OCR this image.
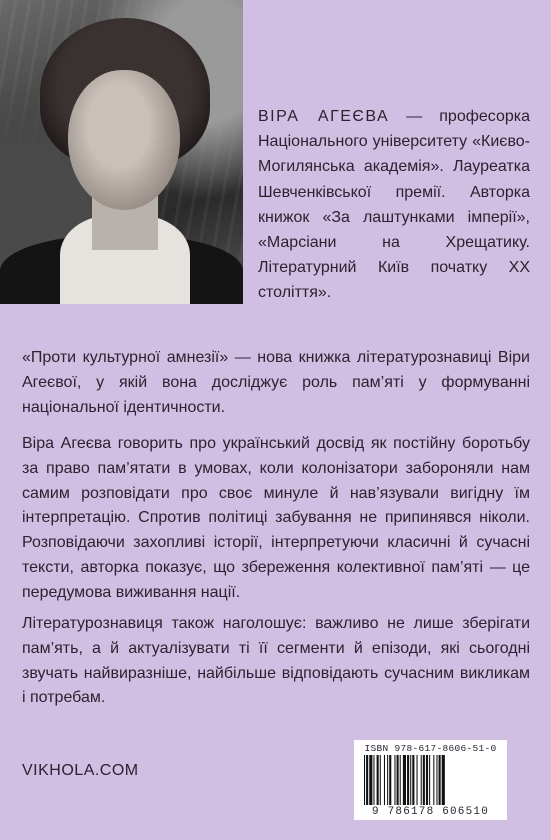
ВІРА АГЕЄВА — професорка Національного університету «Києво-Могилянська академія». Лауреатка Шевченківської премії. Авторка книжок «За лаштунками імперії», «Марсіани на Хрещатику. Літературний Київ початку ХХ століття».

«Проти культурної амнезії» — нова книжка літературознавиці Віри Агеєвої, у якій вона досліджує роль пам’яті у формуванні національної ідентичности.

Віра Агеєва говорить про український досвід як постійну боротьбу за право пам’ятати в умовах, коли колонізатори забороняли нам самим розповідати про своє минуле й нав’язували вигідну їм інтерпретацію. Спротив політиці забування не припинявся ніколи. Розповідаючи захопливі історії, інтерпретуючи класичні й сучасні тексти, авторка показує, що збереження колективної пам’яті — це передумова виживання нації.

Літературознавиця також наголошує: важливо не лише зберігати пам’ять, а й актуалізувати ті її сегменти й епізоди, які сьогодні звучать найвиразніше, найбільше відповідають сучасним викликам і потребам.

VIKHOLA.COM
ISBN 978-617-8606-51-0
9 786178 606510
